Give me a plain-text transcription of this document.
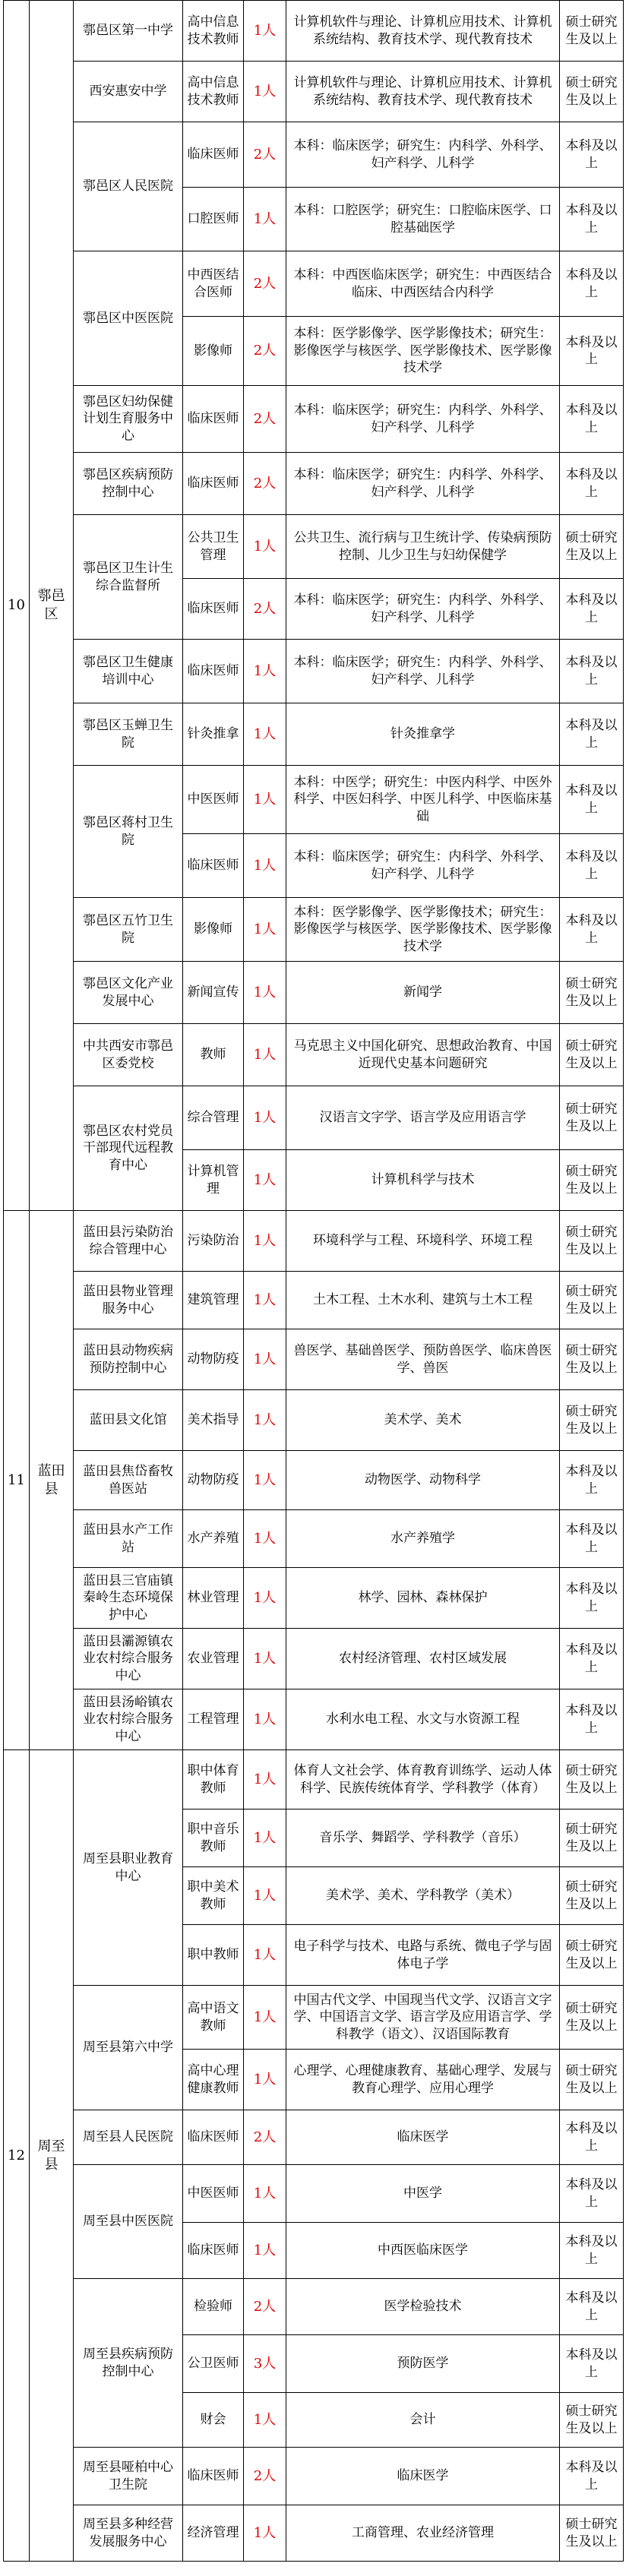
10	鄠邑区	鄠邑区第一中学	高中信息技术教师	1人	计算机软件与理论、计算机应用技术、计算机系统结构、教育技术学、现代教育技术	硕士研究生及以上
		西安惠安中学	高中信息技术教师	1人	计算机软件与理论、计算机应用技术、计算机系统结构、教育技术学、现代教育技术	硕士研究生及以上
		鄠邑区人民医院	临床医师	2人	本科：临床医学；研究生：内科学、外科学、妇产科学、儿科学	本科及以上
			口腔医师	1人	本科：口腔医学；研究生：口腔临床医学、口腔基础医学	本科及以上
		鄠邑区中医医院	中西医结合医师	2人	本科：中西医临床医学；研究生：中西医结合临床、中西医结合内科学	本科及以上
			影像师	2人	本科：医学影像学、医学影像技术；研究生：影像医学与核医学、医学影像技术、医学影像技术学	本科及以上
		鄠邑区妇幼保健计划生育服务中心	临床医师	2人	本科：临床医学；研究生：内科学、外科学、妇产科学、儿科学	本科及以上
		鄠邑区疾病预防控制中心	临床医师	2人	本科：临床医学；研究生：内科学、外科学、妇产科学、儿科学	本科及以上
		鄠邑区卫生计生综合监督所	公共卫生管理	1人	公共卫生、流行病与卫生统计学、传染病预防控制、儿少卫生与妇幼保健学	硕士研究生及以上
			临床医师	2人	本科：临床医学；研究生：内科学、外科学、妇产科学、儿科学	本科及以上
		鄠邑区卫生健康培训中心	临床医师	1人	本科：临床医学；研究生：内科学、外科学、妇产科学、儿科学	本科及以上
		鄠邑区玉蝉卫生院	针灸推拿	1人	针灸推拿学	本科及以上
		鄠邑区蒋村卫生院	中医医师	1人	本科：中医学；研究生：中医内科学、中医外科学、中医妇科学、中医儿科学、中医临床基础	本科及以上
			临床医师	1人	本科：临床医学；研究生：内科学、外科学、妇产科学、儿科学	本科及以上
		鄠邑区五竹卫生院	影像师	1人	本科：医学影像学、医学影像技术；研究生：影像医学与核医学、医学影像技术、医学影像技术学	本科及以上
		鄠邑区文化产业发展中心	新闻宣传	1人	新闻学	硕士研究生及以上
		中共西安市鄠邑区委党校	教师	1人	马克思主义中国化研究、思想政治教育、中国近现代史基本问题研究	硕士研究生及以上
		鄠邑区农村党员干部现代远程教育中心	综合管理	1人	汉语言文字学、语言学及应用语言学	硕士研究生及以上
			计算机管理	1人	计算机科学与技术	硕士研究生及以上
11	蓝田县	蓝田县污染防治综合管理中心	污染防治	1人	环境科学与工程、环境科学、环境工程	硕士研究生及以上
		蓝田县物业管理服务中心	建筑管理	1人	土木工程、土木水利、建筑与土木工程	硕士研究生及以上
		蓝田县动物疾病预防控制中心	动物防疫	1人	兽医学、基础兽医学、预防兽医学、临床兽医学、兽医	硕士研究生及以上
		蓝田县文化馆	美术指导	1人	美术学、美术	硕士研究生及以上
		蓝田县焦岱畜牧兽医站	动物防疫	1人	动物医学、动物科学	本科及以上
		蓝田县水产工作站	水产养殖	1人	水产养殖学	本科及以上
		蓝田县三官庙镇秦岭生态环境保护中心	林业管理	1人	林学、园林、森林保护	本科及以上
		蓝田县灞源镇农业农村综合服务中心	农业管理	1人	农村经济管理、农村区域发展	本科及以上
		蓝田县汤峪镇农业农村综合服务中心	工程管理	1人	水利水电工程、水文与水资源工程	本科及以上
12	周至县	周至县职业教育中心	职中体育教师	1人	体育人文社会学、体育教育训练学、运动人体科学、民族传统体育学、学科教学（体育）	硕士研究生及以上
			职中音乐教师	1人	音乐学、舞蹈学、学科教学（音乐）	硕士研究生及以上
			职中美术教师	1人	美术学、美术、学科教学（美术）	硕士研究生及以上
			职中教师	1人	电子科学与技术、电路与系统、微电子学与固体电子学	硕士研究生及以上
		周至县第六中学	高中语文教师	1人	中国古代文学、中国现当代文学、汉语言文字学、中国语言文学、语言学及应用语言学、学科教学（语文）、汉语国际教育	硕士研究生及以上
			高中心理健康教师	1人	心理学、心理健康教育、基础心理学、发展与教育心理学、应用心理学	硕士研究生及以上
		周至县人民医院	临床医师	2人	临床医学	本科及以上
		周至县中医医院	中医医师	1人	中医学	本科及以上
			临床医师	1人	中西医临床医学	本科及以上
		周至县疾病预防控制中心	检验师	2人	医学检验技术	本科及以上
			公卫医师	3人	预防医学	本科及以上
			财会	1人	会计	硕士研究生及以上
		周至县哑柏中心卫生院	临床医师	2人	临床医学	本科及以上
		周至县多种经营发展服务中心	经济管理	1人	工商管理、农业经济管理	硕士研究生及以上
